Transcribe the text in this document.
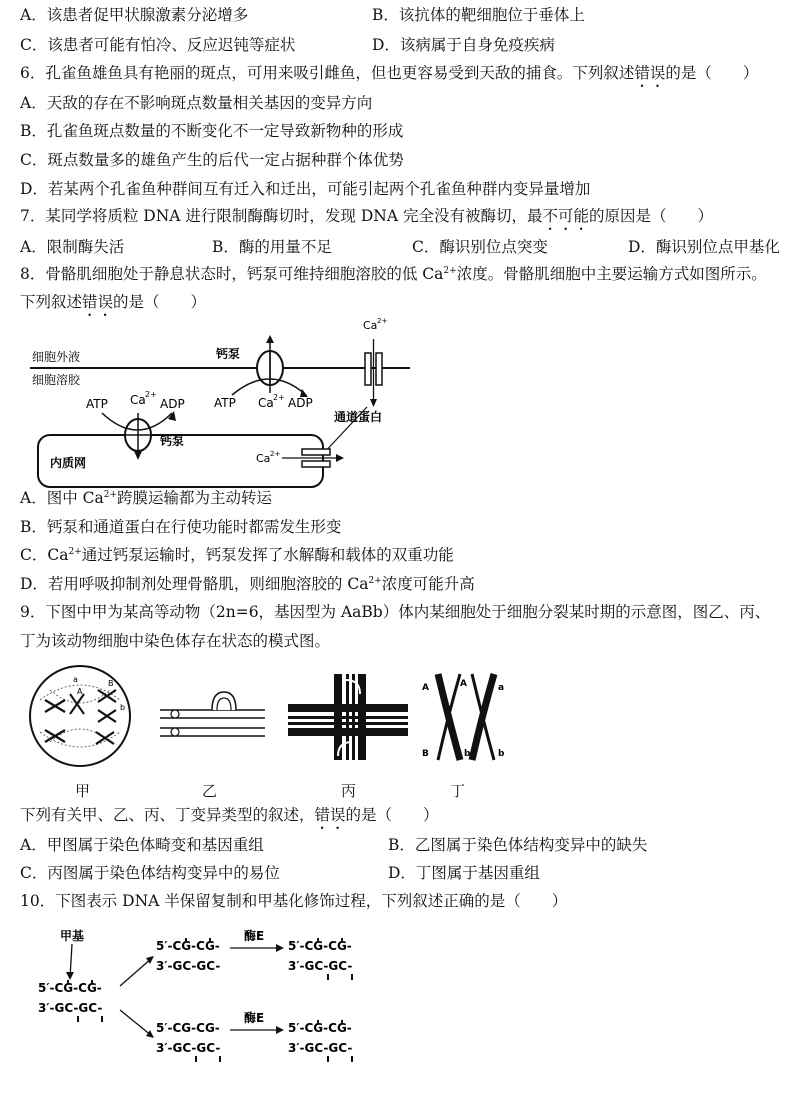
A．该患者促甲状腺激素分泌增多	B．该抗体的靶细胞位于垂体上
C．该患者可能有怕冷、反应迟钝等症状	D．该病属于自身免疫疾病
6．孔雀鱼雄鱼具有艳丽的斑点，可用来吸引雌鱼，但也更容易受到天敌的捕食。下列叙述错误的是（　　）
A．天敌的存在不影响斑点数量相关基因的变异方向
B．孔雀鱼斑点数量的不断变化不一定导致新物种的形成
C．斑点数量多的雄鱼产生的后代一定占据种群个体优势
D．若某两个孔雀鱼种群间互有迁入和迁出，可能引起两个孔雀鱼种群内变异量增加
7．某同学将质粒 DNA 进行限制酶酶切时，发现 DNA 完全没有被酶切，最不可能的原因是（　　）
A．限制酶失活	B．酶的用量不足	C．酶识别位点突变	D．酶识别位点甲基化
8．骨骼肌细胞处于静息状态时，钙泵可维持细胞溶胶的低 $Ca^{2+}$浓度。骨骼肌细胞中主要运输方式如图所示。
下列叙述错误的是（　　）
细胞外液
细胞溶胶
钙泵
ATP Ca 2+ ADP
Ca 2+
通道蛋白
内质网
ATP Ca 2+
ADP
钙泵
Ca 2+
A．图中 $Ca^{2+}$跨膜运输都为主动转运
B．钙泵和通道蛋白在行使功能时都需发生形变
C．$Ca^{2+}$通过钙泵运输时，钙泵发挥了水解酶和载体的双重功能
D．若用呼吸抑制剂处理骨骼肌，则细胞溶胶的 $Ca^{2+}$浓度可能升高
9．下图中甲为某高等动物（2n=6，基因型为 AaBb）体内某细胞处于细胞分裂某时期的示意图，图乙、丙、
丁为该动物细胞中染色体存在状态的模式图。
a
A
B
b
A	A	a
B	b	b
甲	乙	丙	丁
下列有关甲、乙、丙、丁变异类型的叙述，错误的是（　　）
A．甲图属于染色体畸变和基因重组	B．乙图属于染色体结构变异中的缺失
C．丙图属于染色体结构变异中的易位	D．丁图属于基因重组
10．下图表示 DNA 半保留复制和甲基化修饰过程，下列叙述正确的是（　　）
甲基
5′-CG-CG-
3′-GC-GC-
5′-CG-CG-
3′-GC-GC-
酶E
5′-CG-CG-
3′-GC-GC-
5′-CG-CG-
3′-GC-GC-
酶E
5′-CG-CG-
3′-GC-GC-
